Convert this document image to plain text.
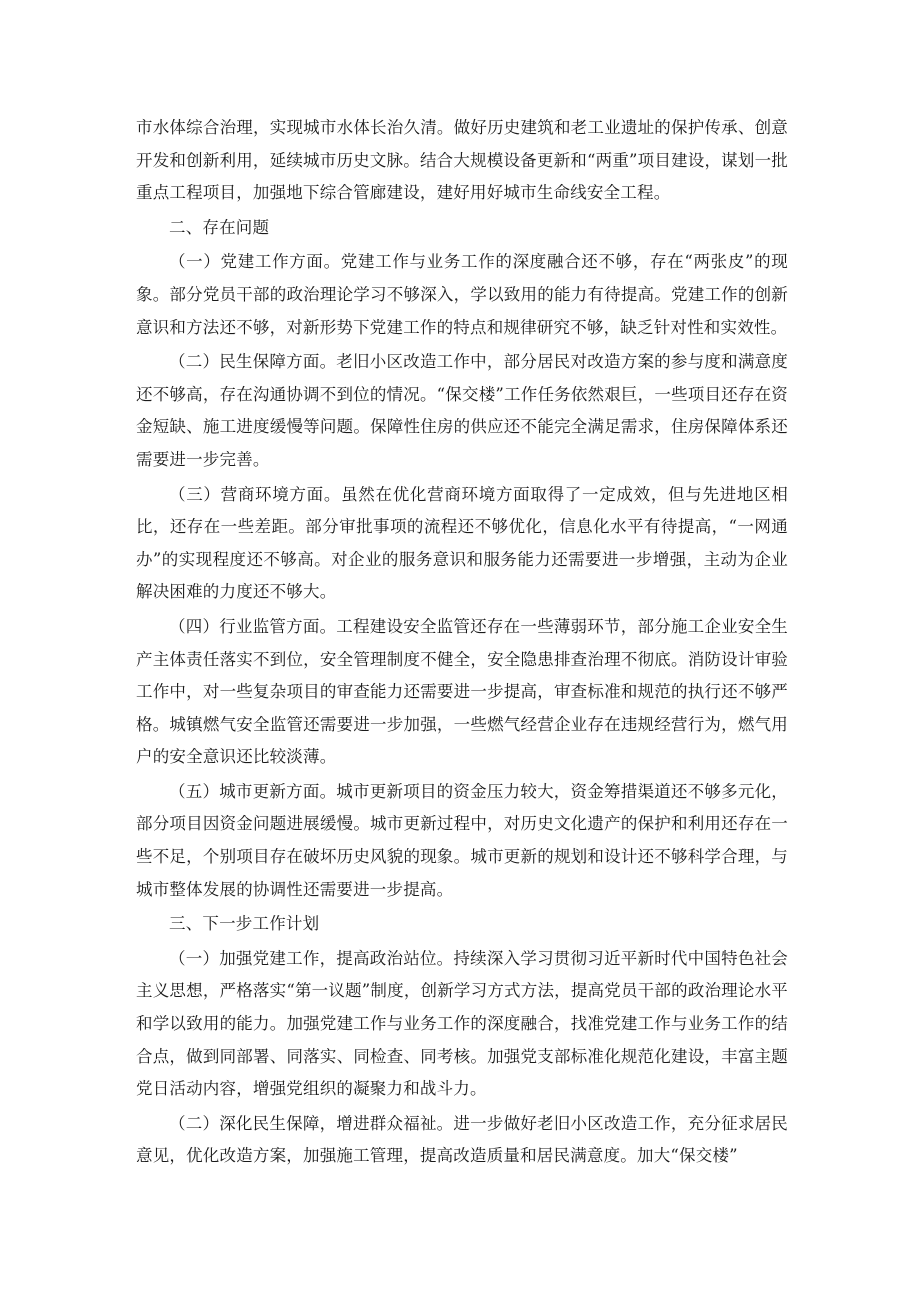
市水体综合治理，实现城市水体长治久清。做好历史建筑和老工业遗址的保护传承、创意开发和创新利用，延续城市历史文脉。结合大规模设备更新和“两重”项目建设，谋划一批重点工程项目，加强地下综合管廊建设，建好用好城市生命线安全工程。

二、存在问题

（一）党建工作方面。党建工作与业务工作的深度融合还不够，存在“两张皮”的现象。部分党员干部的政治理论学习不够深入，学以致用的能力有待提高。党建工作的创新意识和方法还不够，对新形势下党建工作的特点和规律研究不够，缺乏针对性和实效性。

（二）民生保障方面。老旧小区改造工作中，部分居民对改造方案的参与度和满意度还不够高，存在沟通协调不到位的情况。“保交楼”工作任务依然艰巨，一些项目还存在资金短缺、施工进度缓慢等问题。保障性住房的供应还不能完全满足需求，住房保障体系还需要进一步完善。

（三）营商环境方面。虽然在优化营商环境方面取得了一定成效，但与先进地区相比，还存在一些差距。部分审批事项的流程还不够优化，信息化水平有待提高，“一网通办”的实现程度还不够高。对企业的服务意识和服务能力还需要进一步增强，主动为企业解决困难的力度还不够大。

（四）行业监管方面。工程建设安全监管还存在一些薄弱环节，部分施工企业安全生产主体责任落实不到位，安全管理制度不健全，安全隐患排查治理不彻底。消防设计审验工作中，对一些复杂项目的审查能力还需要进一步提高，审查标准和规范的执行还不够严格。城镇燃气安全监管还需要进一步加强，一些燃气经营企业存在违规经营行为，燃气用户的安全意识还比较淡薄。

（五）城市更新方面。城市更新项目的资金压力较大，资金筹措渠道还不够多元化，部分项目因资金问题进展缓慢。城市更新过程中，对历史文化遗产的保护和利用还存在一些不足，个别项目存在破坏历史风貌的现象。城市更新的规划和设计还不够科学合理，与城市整体发展的协调性还需要进一步提高。

三、下一步工作计划

（一）加强党建工作，提高政治站位。持续深入学习贯彻习近平新时代中国特色社会主义思想，严格落实“第一议题”制度，创新学习方式方法，提高党员干部的政治理论水平和学以致用的能力。加强党建工作与业务工作的深度融合，找准党建工作与业务工作的结合点，做到同部署、同落实、同检查、同考核。加强党支部标准化规范化建设，丰富主题党日活动内容，增强党组织的凝聚力和战斗力。

（二）深化民生保障，增进群众福祉。进一步做好老旧小区改造工作，充分征求居民意见，优化改造方案，加强施工管理，提高改造质量和居民满意度。加大“保交楼”
